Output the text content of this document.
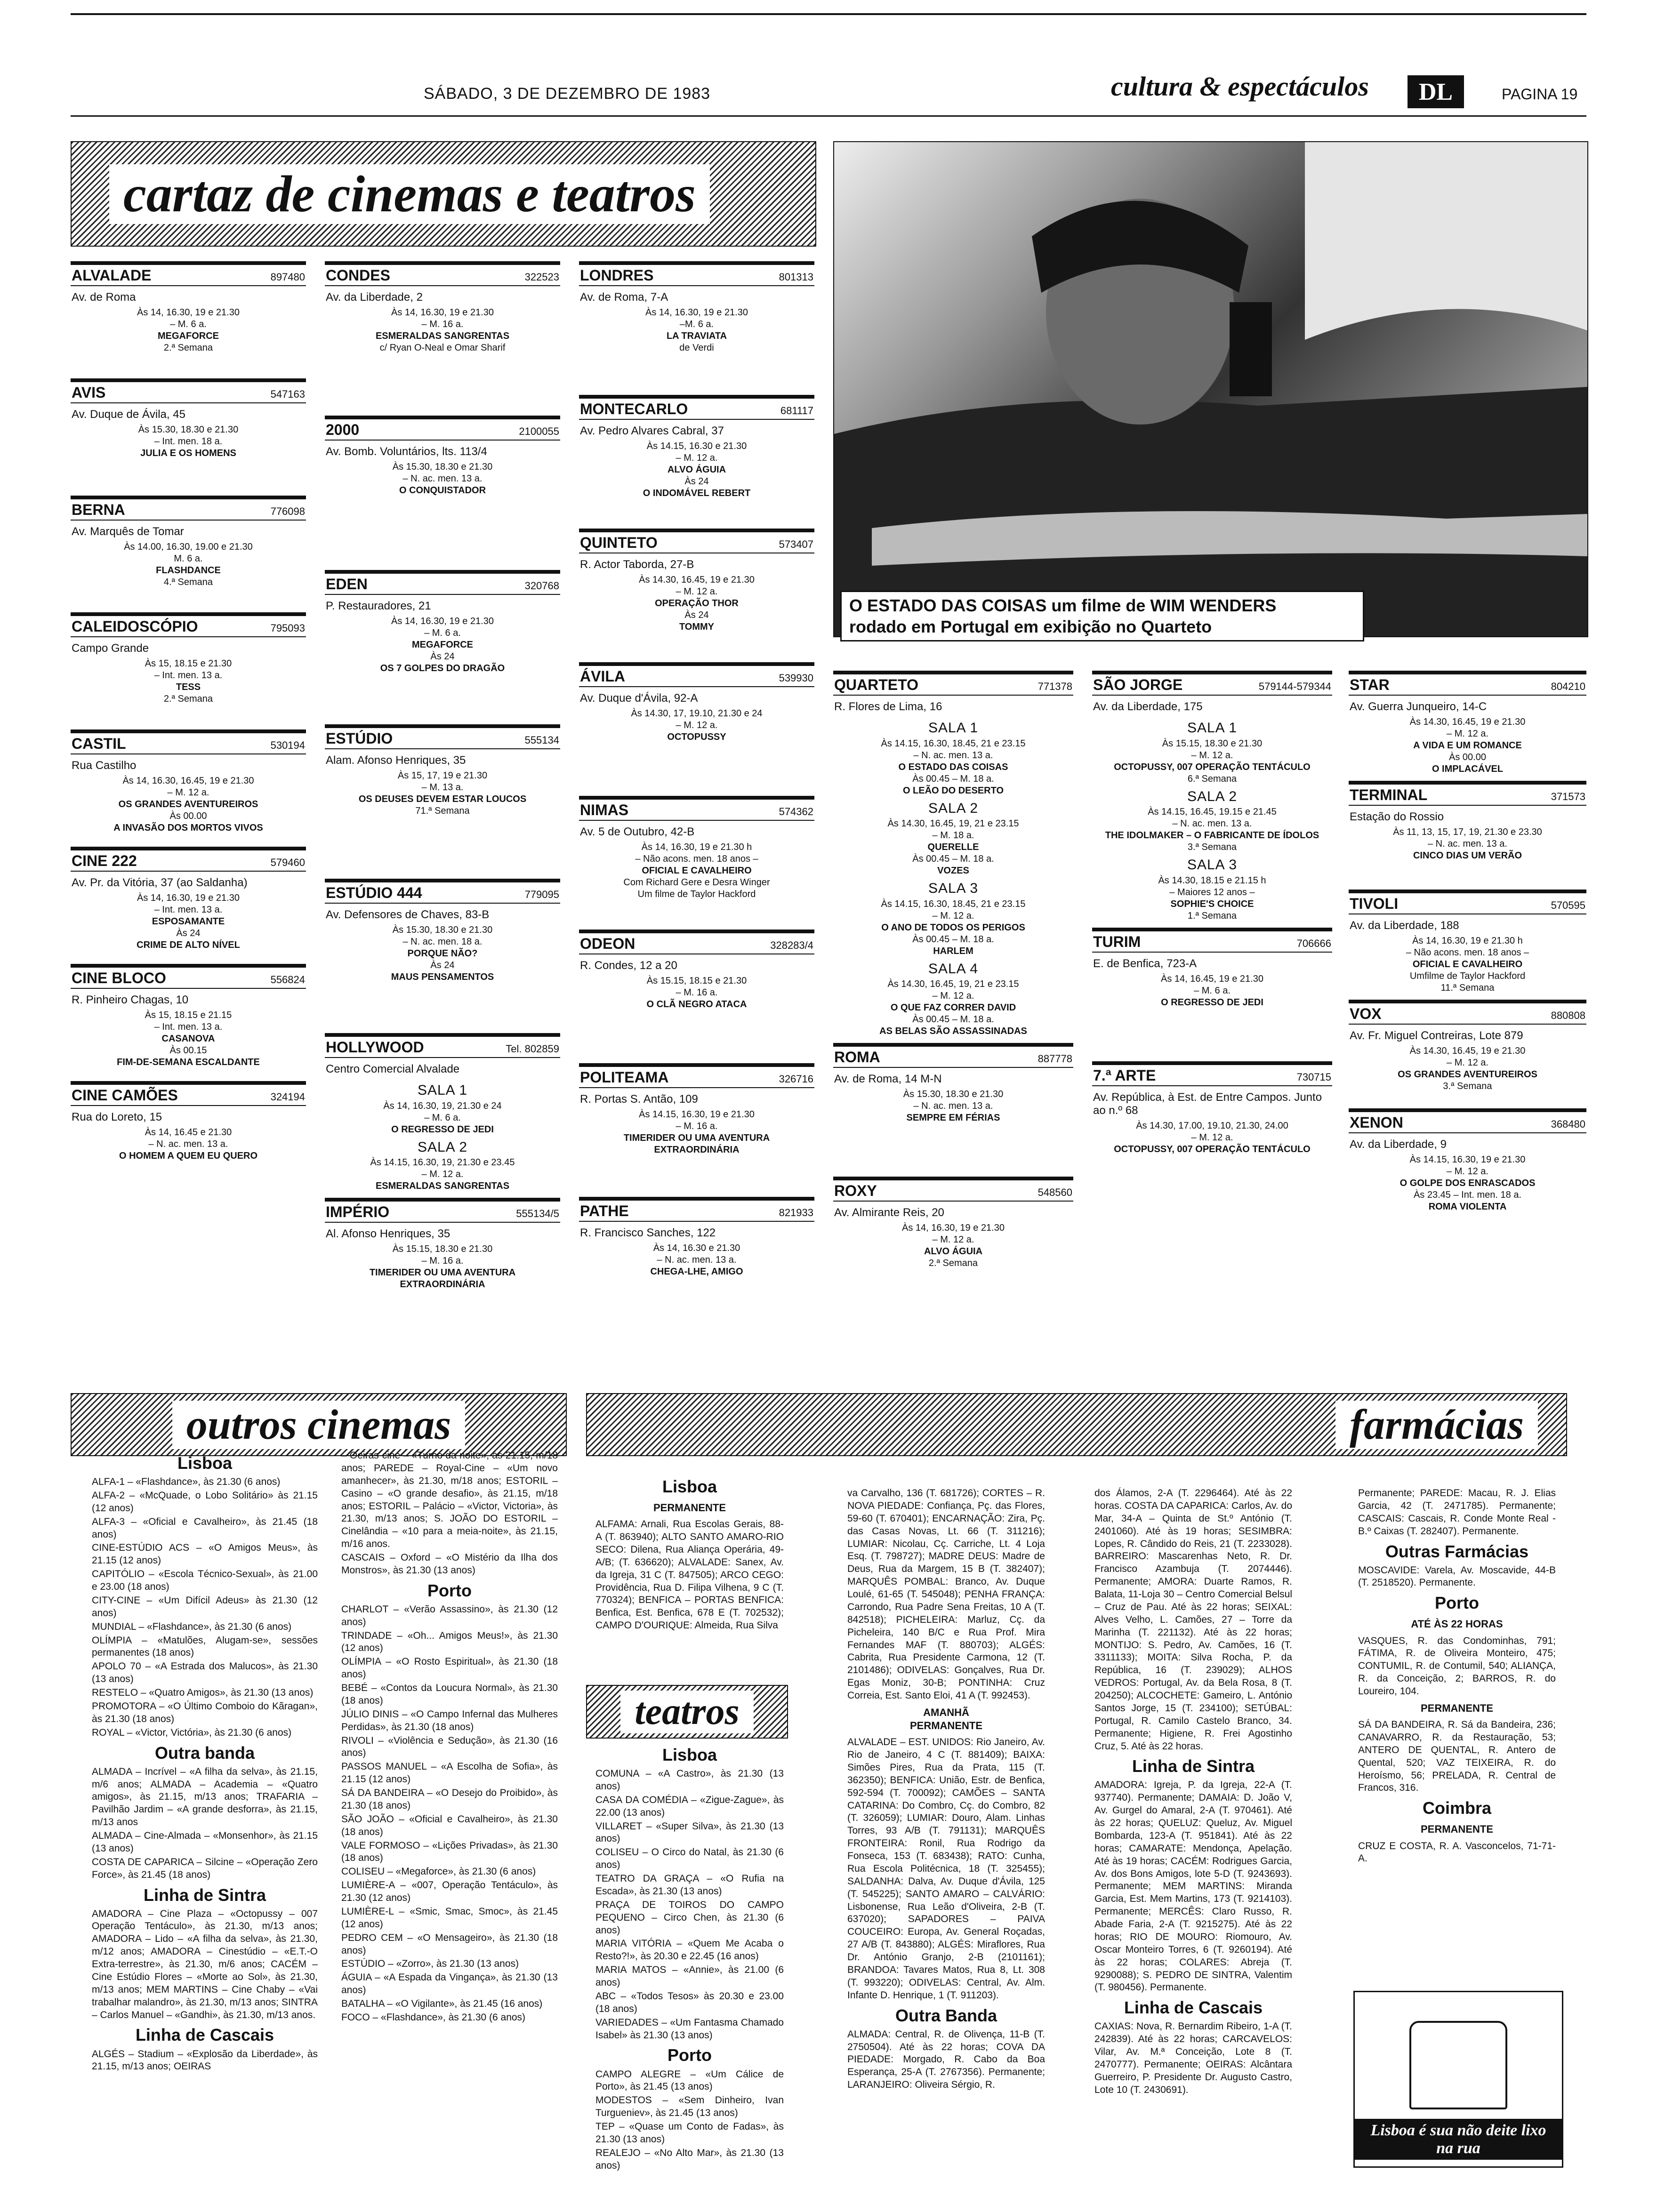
SÁBADO, 3 DE DEZEMBRO DE 1983	cultura & espectáculos	DL	PAGINA 19
cartaz de cinemas e teatros
O ESTADO DAS COISAS um filme de WIM WENDERS
rodado em Portugal em exibição no Quarteto
ALVALADE	897480
Av. de Roma
Às 14, 16.30, 19 e 21.30
– M. 6 a.
MEGAFORCE
2.ª Semana
AVIS	547163
Av. Duque de Ávila, 45
Às 15.30, 18.30 e 21.30
– Int. men. 18 a.
JULIA E OS HOMENS
BERNA	776098
Av. Marquês de Tomar
Às 14.00, 16.30, 19.00 e 21.30
M. 6 a.
FLASHDANCE
4.ª Semana
CALEIDOSCÓPIO	795093
Campo Grande
Às 15, 18.15 e 21.30
– Int. men. 13 a.
TESS
2.ª Semana
CASTIL	530194
Rua Castilho
Às 14, 16.30, 16.45, 19 e 21.30
– M. 12 a.
OS GRANDES AVENTUREIROS
Às 00.00
A INVASÃO DOS MORTOS VIVOS
CINE 222	579460
Av. Pr. da Vitória, 37 (ao Saldanha)
Às 14, 16.30, 19 e 21.30
– Int. men. 13 a.
ESPOSAMANTE
Às 24
CRIME DE ALTO NÍVEL
CINE BLOCO	556824
R. Pinheiro Chagas, 10
Às 15, 18.15 e 21.15
– Int. men. 13 a.
CASANOVA
Às 00.15
FIM-DE-SEMANA ESCALDANTE
CINE CAMÕES	324194
Rua do Loreto, 15
Às 14, 16.45 e 21.30
– N. ac. men. 13 a.
O HOMEM A QUEM EU QUERO
CONDES	322523
Av. da Liberdade, 2
Às 14, 16.30, 19 e 21.30
– M. 16 a.
ESMERALDAS SANGRENTAS
c/ Ryan O-Neal e Omar Sharif
2000	2100055
Av. Bomb. Voluntários, lts. 113/4
Às 15.30, 18.30 e 21.30
– N. ac. men. 13 a.
O CONQUISTADOR
EDEN	320768
P. Restauradores, 21
Às 14, 16.30, 19 e 21.30
– M. 6 a.
MEGAFORCE
Às 24
OS 7 GOLPES DO DRAGÃO
ESTÚDIO	555134
Alam. Afonso Henriques, 35
Às 15, 17, 19 e 21.30
– M. 13 a.
OS DEUSES DEVEM ESTAR LOUCOS
71.ª Semana
ESTÚDIO 444	779095
Av. Defensores de Chaves, 83-B
Às 15.30, 18.30 e 21.30
– N. ac. men. 18 a.
PORQUE NÃO?
Às 24
MAUS PENSAMENTOS
HOLLYWOOD	Tel. 802859
Centro Comercial Alvalade
SALA 1
Às 14, 16.30, 19, 21.30 e 24
– M. 6 a.
O REGRESSO DE JEDI
SALA 2
Às 14.15, 16.30, 19, 21.30 e 23.45
– M. 12 a.
ESMERALDAS SANGRENTAS
IMPÉRIO	555134/5
Al. Afonso Henriques, 35
Às 15.15, 18.30 e 21.30
– M. 16 a.
TIMERIDER OU UMA AVENTURA EXTRAORDINÁRIA
LONDRES	801313
Av. de Roma, 7-A
Às 14, 16.30, 19 e 21.30
–M. 6 a.
LA TRAVIATA
de Verdi
MONTECARLO	681117
Av. Pedro Alvares Cabral, 37
Às 14.15, 16.30 e 21.30
– M. 12 a.
ALVO ÁGUIA
Às 24
O INDOMÁVEL REBERT
QUINTETO	573407
R. Actor Taborda, 27-B
Às 14.30, 16.45, 19 e 21.30
– M. 12 a.
OPERAÇÃO THOR
Às 24
TOMMY
ÁVILA	539930
Av. Duque d'Ávila, 92-A
Às 14.30, 17, 19.10, 21.30 e 24
– M. 12 a.
OCTOPUSSY
NIMAS	574362
Av. 5 de Outubro, 42-B
Às 14, 16.30, 19 e 21.30 h
– Não acons. men. 18 anos –
OFICIAL E CAVALHEIRO
Com Richard Gere e Desra Winger
Um filme de Taylor Hackford
ODEON	328283/4
R. Condes, 12 a 20
Às 15.15, 18.15 e 21.30
– M. 16 a.
O CLÃ NEGRO ATACA
POLITEAMA	326716
R. Portas S. Antão, 109
Às 14.15, 16.30, 19 e 21.30
– M. 16 a.
TIMERIDER OU UMA AVENTURA EXTRAORDINÁRIA
PATHE	821933
R. Francisco Sanches, 122
Às 14, 16.30 e 21.30
– N. ac. men. 13 a.
CHEGA-LHE, AMIGO
QUARTETO	771378
R. Flores de Lima, 16
SALA 1
Às 14.15, 16.30, 18.45, 21 e 23.15
– N. ac. men. 13 a.
O ESTADO DAS COISAS
Às 00.45 – M. 18 a.
O LEÃO DO DESERTO
SALA 2
Às 14.30, 16.45, 19, 21 e 23.15
– M. 18 a.
QUERELLE
Às 00.45 – M. 18 a.
VOZES
SALA 3
Às 14.15, 16.30, 18.45, 21 e 23.15
– M. 12 a.
O ANO DE TODOS OS PERIGOS
Às 00.45 – M. 18 a.
HARLEM
SALA 4
Às 14.30, 16.45, 19, 21 e 23.15
– M. 12 a.
O QUE FAZ CORRER DAVID
Às 00.45 – M. 18 a.
AS BELAS SÃO ASSASSINADAS
ROMA	887778
Av. de Roma, 14 M-N
Às 15.30, 18.30 e 21.30
– N. ac. men. 13 a.
SEMPRE EM FÉRIAS
ROXY	548560
Av. Almirante Reis, 20
Às 14, 16.30, 19 e 21.30
– M. 12 a.
ALVO ÁGUIA
2.ª Semana
SÃO JORGE	579144-579344
Av. da Liberdade, 175
SALA 1
Às 15.15, 18.30 e 21.30
– M. 12 a.
OCTOPUSSY, 007 OPERAÇÃO TENTÁCULO
6.ª Semana
SALA 2
Às 14.15, 16.45, 19.15 e 21.45
– N. ac. men. 13 a.
THE IDOLMAKER – O FABRICANTE DE ÍDOLOS
3.ª Semana
SALA 3
Às 14.30, 18.15 e 21.15 h
– Maiores 12 anos –
SOPHIE'S CHOICE
1.ª Semana
TURIM	706666
E. de Benfica, 723-A
Às 14, 16.45, 19 e 21.30
– M. 6 a.
O REGRESSO DE JEDI
7.ª ARTE	730715
Av. República, à Est. de Entre Campos. Junto ao n.º 68
Às 14.30, 17.00, 19.10, 21.30, 24.00
– M. 12 a.
OCTOPUSSY, 007 OPERAÇÃO TENTÁCULO
STAR	804210
Av. Guerra Junqueiro, 14-C
Às 14.30, 16.45, 19 e 21.30
– M. 12 a.
A VIDA E UM ROMANCE
Às 00.00
O IMPLACÁVEL
TERMINAL	371573
Estação do Rossio
Às 11, 13, 15, 17, 19, 21.30 e 23.30
– N. ac. men. 13 a.
CINCO DIAS UM VERÃO
TIVOLI	570595
Av. da Liberdade, 188
Às 14, 16.30, 19 e 21.30 h
– Não acons. men. 18 anos –
OFICIAL E CAVALHEIRO
Umfilme de Taylor Hackford
11.ª Semana
VOX	880808
Av. Fr. Miguel Contreiras, Lote 879
Às 14.30, 16.45, 19 e 21.30
– M. 12 a.
OS GRANDES AVENTUREIROS
3.ª Semana
XENON	368480
Av. da Liberdade, 9
Às 14.15, 16.30, 19 e 21.30
– M. 12 a.
O GOLPE DOS ENRASCADOS
Às 23.45 – Int. men. 18 a.
ROMA VIOLENTA
outros cinemas
Lisboa

ALFA-1 – «Flashdance», às 21.30 (6 anos)

ALFA-2 – «McQuade, o Lobo Solitário» às 21.15 (12 anos)

ALFA-3 – «Oficial e Cavalheiro», às 21.45 (18 anos)

CINE-ESTÚDIO ACS – «O Amigos Meus», às 21.15 (12 anos)

CAPITÓLIO – «Escola Técnico-Sexual», às 21.00 e 23.00 (18 anos)

CITY-CINE – «Um Difícil Adeus» às 21.30 (12 anos)

MUNDIAL – «Flashdance», às 21.30 (6 anos)

OLÍMPIA – «Matulões, Alugam-se», sessões permanentes (18 anos)

APOLO 70 – «A Estrada dos Malucos», às 21.30 (13 anos)

RESTELO – «Quatro Amigos», às 21.30 (13 anos)

PROMOTORA – «O Último Comboio do Kãragan», às 21.30 (18 anos)

ROYAL – «Victor, Victória», às 21.30 (6 anos)

Outra banda

ALMADA – Incrível – «A filha da selva», às 21.15, m/6 anos; ALMADA – Academia – «Quatro amigos», às 21.15, m/13 anos; TRAFARIA – Pavilhão Jardim – «A grande desforra», às 21.15, m/13 anos

ALMADA – Cine-Almada – «Monsenhor», às 21.15 (13 anos)

COSTA DE CAPARICA – Silcine – «Operação Zero Force», às 21.45 (18 anos)

Linha de Sintra

AMADORA – Cine Plaza – «Octopussy – 007 Operação Tentáculo», às 21.30, m/13 anos; AMADORA – Lido – «A filha da selva», às 21.30, m/12 anos; AMADORA – Cinestúdio – «E.T.-O Extra-terrestre», às 21.30, m/6 anos; CACÉM – Cine Estúdio Flores – «Morte ao Sol», às 21.30, m/13 anos; MEM MARTINS – Cine Chaby – «Vai trabalhar malandro», às 21.30, m/13 anos; SINTRA – Carlos Manuel – «Gandhi», às 21.30, m/13 anos.

Linha de Cascais

ALGÉS – Stadium – «Explosão da Liberdade», às 21.15, m/13 anos; OEIRAS

– Oeiras-cine – «Turno da noite», às 21.15, m/18 anos; PAREDE – Royal-Cine – «Um novo amanhecer», às 21.30, m/18 anos; ESTORIL – Casino – «O grande desafio», às 21.15, m/18 anos; ESTORIL – Palácio – «Victor, Victoria», às 21.30, m/13 anos; S. JOÃO DO ESTORIL – Cinelândia – «10 para a meia-noite», às 21.15, m/16 anos.

CASCAIS – Oxford – «O Mistério da Ilha dos Monstros», às 21.30 (13 anos)

Porto

CHARLOT – «Verão Assassino», às 21.30 (12 anos)

TRINDADE – «Oh... Amigos Meus!», às 21.30 (12 anos)

OLÍMPIA – «O Rosto Espiritual», às 21.30 (18 anos)

BEBÉ – «Contos da Loucura Normal», às 21.30 (18 anos)

JÚLIO DINIS – «O Campo Infernal das Mulheres Perdidas», às 21.30 (18 anos)

RIVOLI – «Violência e Sedução», às 21.30 (16 anos)

PASSOS MANUEL – «A Escolha de Sofia», às 21.15 (12 anos)

SÁ DA BANDEIRA – «O Desejo do Proibido», às 21.30 (18 anos)

SÃO JOÃO – «Oficial e Cavalheiro», às 21.30 (18 anos)

VALE FORMOSO – «Lições Privadas», às 21.30 (18 anos)

COLISEU – «Megaforce», às 21.30 (6 anos)

LUMIÈRE-A – «007, Operação Tentáculo», às 21.30 (12 anos)

LUMIÈRE-L – «Smic, Smac, Smoc», às 21.45 (12 anos)

PEDRO CEM – «O Mensageiro», às 21.30 (18 anos)

ESTÚDIO – «Zorro», às 21.30 (13 anos)

ÁGUIA – «A Espada da Vingança», às 21.30 (13 anos)

BATALHA – «O Vigilante», às 21.45 (16 anos)

FOCO – «Flashdance», às 21.30 (6 anos)

farmácias
Lisboa
PERMANENTE

ALFAMA: Arnali, Rua Escolas Gerais, 88-A (T. 863940); ALTO SANTO AMARO-RIO SECO: Dilena, Rua Aliança Operária, 49-A/B; (T. 636620); ALVALADE: Sanex, Av. da Igreja, 31 C (T. 847505); ARCO CEGO: Providência, Rua D. Filipa Vilhena, 9 C (T. 770324); BENFICA – PORTAS BENFICA: Benfica, Est. Benfica, 678 E (T. 702532); CAMPO D'OURIQUE: Almeida, Rua Silva

teatros
Lisboa

COMUNA – «A Castro», às 21.30 (13 anos)

CASA DA COMÉDIA – «Zigue-Zague», às 22.00 (13 anos)

VILLARET – «Super Silva», às 21.30 (13 anos)

COLISEU – O Circo do Natal, às 21.30 (6 anos)

TEATRO DA GRAÇA – «O Rufia na Escada», às 21.30 (13 anos)

PRAÇA DE TOIROS DO CAMPO PEQUENO – Circo Chen, às 21.30 (6 anos)

MARIA VITÓRIA – «Quem Me Acaba o Resto?!», às 20.30 e 22.45 (16 anos)

MARIA MATOS – «Annie», às 21.00 (6 anos)

ABC – «Todos Tesos» às 20.30 e 23.00 (18 anos)

VARIEDADES – «Um Fantasma Chamado Isabel» às 21.30 (13 anos)

Porto

CAMPO ALEGRE – «Um Cálice de Porto», às 21.45 (13 anos)

MODESTOS – «Sem Dinheiro, Ivan Turgueniev», às 21.45 (13 anos)

TEP – «Quase um Conto de Fadas», às 21.30 (13 anos)

REALEJO – «No Alto Mar», às 21.30 (13 anos)

va Carvalho, 136 (T. 681726); CORTES – R. NOVA PIEDADE: Confiança, Pç. das Flores, 59-60 (T. 670401); ENCARNAÇÃO: Zira, Pç. das Casas Novas, Lt. 66 (T. 311216); LUMIAR: Nicolau, Cç. Carriche, Lt. 4 Loja Esq. (T. 798727); MADRE DEUS: Madre de Deus, Rua da Margem, 15 B (T. 382407); MARQUÊS POMBAL: Branco, Av. Duque Loulé, 61-65 (T. 545048); PENHA FRANÇA: Carrondo, Rua Padre Sena Freitas, 10 A (T. 842518); PICHELEIRA: Marluz, Cç. da Picheleira, 140 B/C e Rua Prof. Mira Fernandes MAF (T. 880703); ALGÉS: Cabrita, Rua Presidente Carmona, 12 (T. 2101486); ODIVELAS: Gonçalves, Rua Dr. Egas Moniz, 30-B; PONTINHA: Cruz Correia, Est. Santo Eloi, 41 A (T. 992453).

AMANHÃ
PERMANENTE

ALVALADE – EST. UNIDOS: Rio Janeiro, Av. Rio de Janeiro, 4 C (T. 881409); BAIXA: Simões Pires, Rua da Prata, 115 (T. 362350); BENFICA: União, Estr. de Benfica, 592-594 (T. 700092); CAMÕES – SANTA CATARINA: Do Combro, Cç. do Combro, 82 (T. 326059); LUMIAR: Douro, Alam. Linhas Torres, 93 A/B (T. 791131); MARQUÊS FRONTEIRA: Ronil, Rua Rodrigo da Fonseca, 153 (T. 683438); RATO: Cunha, Rua Escola Politécnica, 18 (T. 325455); SALDANHA: Dalva, Av. Duque d'Ávila, 125 (T. 545225); SANTO AMARO – CALVÁRIO: Lisbonense, Rua Leão d'Oliveira, 2-B (T. 637020); SAPADORES – PAIVA COUCEIRO: Europa, Av. General Roçadas, 27 A/B (T. 843880); ALGÉS: Miraflores, Rua Dr. António Granjo, 2-B (2101161); BRANDOA: Tavares Matos, Rua 8, Lt. 308 (T. 993220); ODIVELAS: Central, Av. Alm. Infante D. Henrique, 1 (T. 911203).

Outra Banda

ALMADA: Central, R. de Olivença, 11-B (T. 2750504). Até às 22 horas; COVA DA PIEDADE: Morgado, R. Cabo da Boa Esperança, 25-A (T. 2767356). Permanente; LARANJEIRO: Oliveira Sérgio, R.

dos Álamos, 2-A (T. 2296464). Até às 22 horas. COSTA DA CAPARICA: Carlos, Av. do Mar, 34-A – Quinta de St.º António (T. 2401060). Até às 19 horas; SESIMBRA: Lopes, R. Cândido do Reis, 21 (T. 2233028). BARREIRO: Mascarenhas Neto, R. Dr. Francisco Azambuja (T. 2074446). Permanente; AMORA: Duarte Ramos, R. Balata, 11-Loja 30 – Centro Comercial Belsul – Cruz de Pau. Até às 22 horas; SEIXAL: Alves Velho, L. Camões, 27 – Torre da Marinha (T. 221132). Até às 22 horas; MONTIJO: S. Pedro, Av. Camões, 16 (T. 3311133); MOITA: Silva Rocha, P. da República, 16 (T. 239029); ALHOS VEDROS: Portugal, Av. da Bela Rosa, 8 (T. 204250); ALCOCHETE: Gameiro, L. António Santos Jorge, 15 (T. 234100); SETÚBAL: Portugal, R. Camilo Castelo Branco, 34. Permanente; Higiene, R. Frei Agostinho Cruz, 5. Até às 22 horas.

Linha de Sintra

AMADORA: Igreja, P. da Igreja, 22-A (T. 937740). Permanente; DAMAIA: D. João V, Av. Gurgel do Amaral, 2-A (T. 970461). Até às 22 horas; QUELUZ: Queluz, Av. Miguel Bombarda, 123-A (T. 951841). Até às 22 horas; CAMARATE: Mendonça, Apelação. Até às 19 horas; CACÉM: Rodrigues Garcia, Av. dos Bons Amigos, lote 5-D (T. 9243693). Permanente; MEM MARTINS: Miranda Garcia, Est. Mem Martins, 173 (T. 9214103). Permanente; MERCÊS: Claro Russo, R. Abade Faria, 2-A (T. 9215275). Até às 22 horas; RIO DE MOURO: Riomouro, Av. Oscar Monteiro Torres, 6 (T. 9260194). Até às 22 horas; COLARES: Abreja (T. 9290088); S. PEDRO DE SINTRA, Valentim (T. 980456). Permanente.

Linha de Cascais

CAXIAS: Nova, R. Bernardim Ribeiro, 1-A (T. 242839). Até às 22 horas; CARCAVELOS: Vilar, Av. M.ª Conceição, Lote 8 (T. 2470777). Permanente; OEIRAS: Alcântara Guerreiro, P. Presidente Dr. Augusto Castro, Lote 10 (T. 2430691).

Permanente; PAREDE: Macau, R. J. Elias Garcia, 42 (T. 2471785). Permanente; CASCAIS: Cascais, R. Conde Monte Real - B.º Caixas (T. 282407). Permanente.

Outras Farmácias

MOSCAVIDE: Varela, Av. Moscavide, 44-B (T. 2518520). Permanente.

Porto
ATÉ ÀS 22 HORAS

VASQUES, R. das Condominhas, 791; FÁTIMA, R. de Oliveira Monteiro, 475; CONTUMIL, R. de Contumil, 540; ALIANÇA, R. da Conceição, 2; BARROS, R. do Loureiro, 104.

PERMANENTE

SÁ DA BANDEIRA, R. Sá da Bandeira, 236; CANAVARRO, R. da Restauração, 53; ANTERO DE QUENTAL, R. Antero de Quental, 520; VAZ TEIXEIRA, R. do Heroísmo, 56; PRELADA, R. Central de Francos, 316.

Coimbra
PERMANENTE

CRUZ E COSTA, R. A. Vasconcelos, 71-71-A.

Lisboa é sua não deite lixo na rua
